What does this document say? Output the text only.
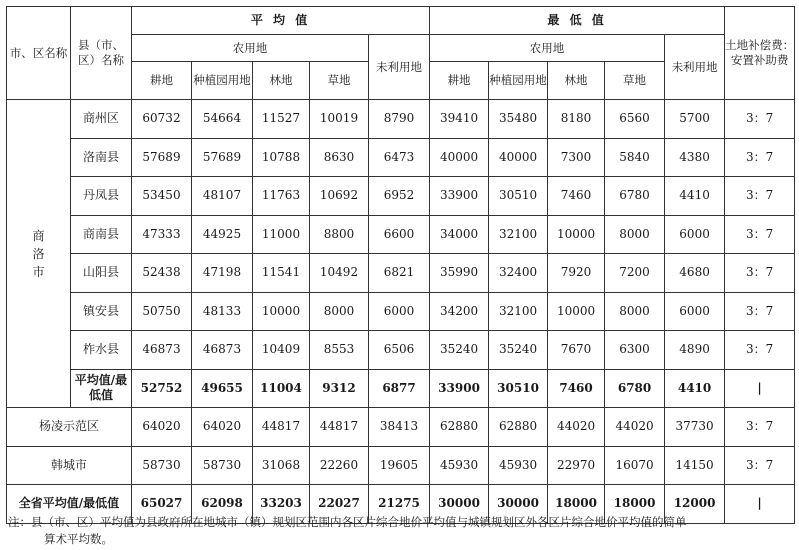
市、区名称	县（市、区）名称	平 均 值					最 低 值					土地补偿费：安置补助费
		农用地				未利用地	农用地				未利用地	
		耕地	种植园用地	林地	草地		耕地	种植园用地	林地	草地		
商洛市	商州区	60732	54664	11527	10019	8790	39410	35480	8180	6560	5700	3：7
	洛南县	57689	57689	10788	8630	6473	40000	40000	7300	5840	4380	3：7
	丹凤县	53450	48107	11763	10692	6952	33900	30510	7460	6780	4410	3：7
	商南县	47333	44925	11000	8800	6600	34000	32100	10000	8000	6000	3：7
	山阳县	52438	47198	11541	10492	6821	35990	32400	7920	7200	4680	3：7
	镇安县	50750	48133	10000	8000	6000	34200	32100	10000	8000	6000	3：7
	柞水县	46873	46873	10409	8553	6506	35240	35240	7670	6300	4890	3：7
	平均值/最低值	52752	49655	11004	9312	6877	33900	30510	7460	6780	4410	|
杨凌示范区		64020	64020	44817	44817	38413	62880	62880	44020	44020	37730	3：7
韩城市		58730	58730	31068	22260	19605	45930	45930	22970	16070	14150	3：7
全省平均值/最低值		65027	62098	33203	22027	21275	30000	30000	18000	18000	12000	|
注：县（市、区）平均值为县政府所在地城市（镇）规划区范围内各区片综合地价平均值与城镇规划区外各区片综合地价平均值的简单
算术平均数。
